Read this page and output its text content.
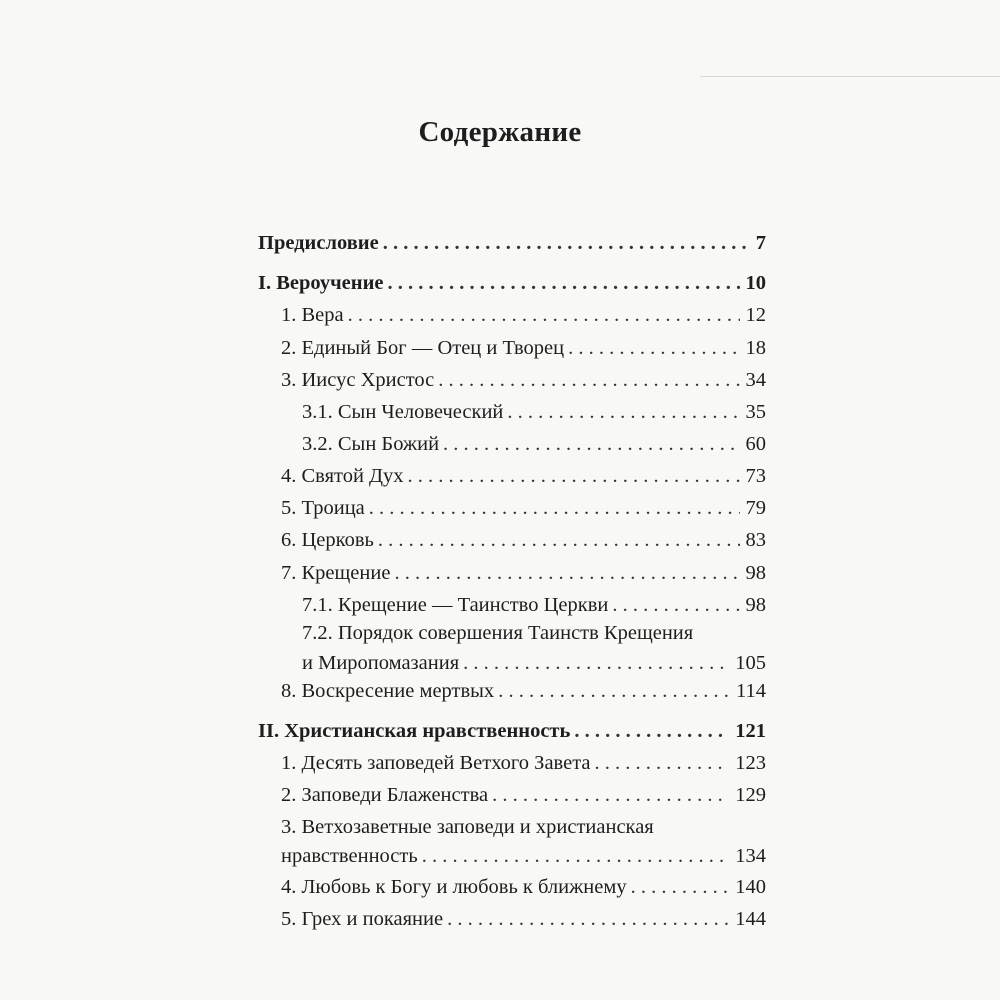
Содержание
Предисловие . . .	7
I. Вероучение . . .	10
1. Вера . . .	12
2. Единый Бог — Отец и Творец . . .	18
3. Иисус Христос . . .	34
3.1. Сын Человеческий . . .	35
3.2. Сын Божий . . .	60
4. Святой Дух . . .	73
5. Троица . . .	79
6. Церковь . . .	83
7. Крещение . . .	98
7.1. Крещение — Таинство Церкви . . .	98
7.2. Порядок совершения Таинств Крещения
и Миропомазания . . .	105
8. Воскресение мертвых . . .	114
II. Христианская нравственность . . .	121
1. Десять заповедей Ветхого Завета . . .	123
2. Заповеди Блаженства . . .	129
3. Ветхозаветные заповеди и христианская
нравственность . . .	134
4. Любовь к Богу и любовь к ближнему . . .	140
5. Грех и покаяние . . .	144
